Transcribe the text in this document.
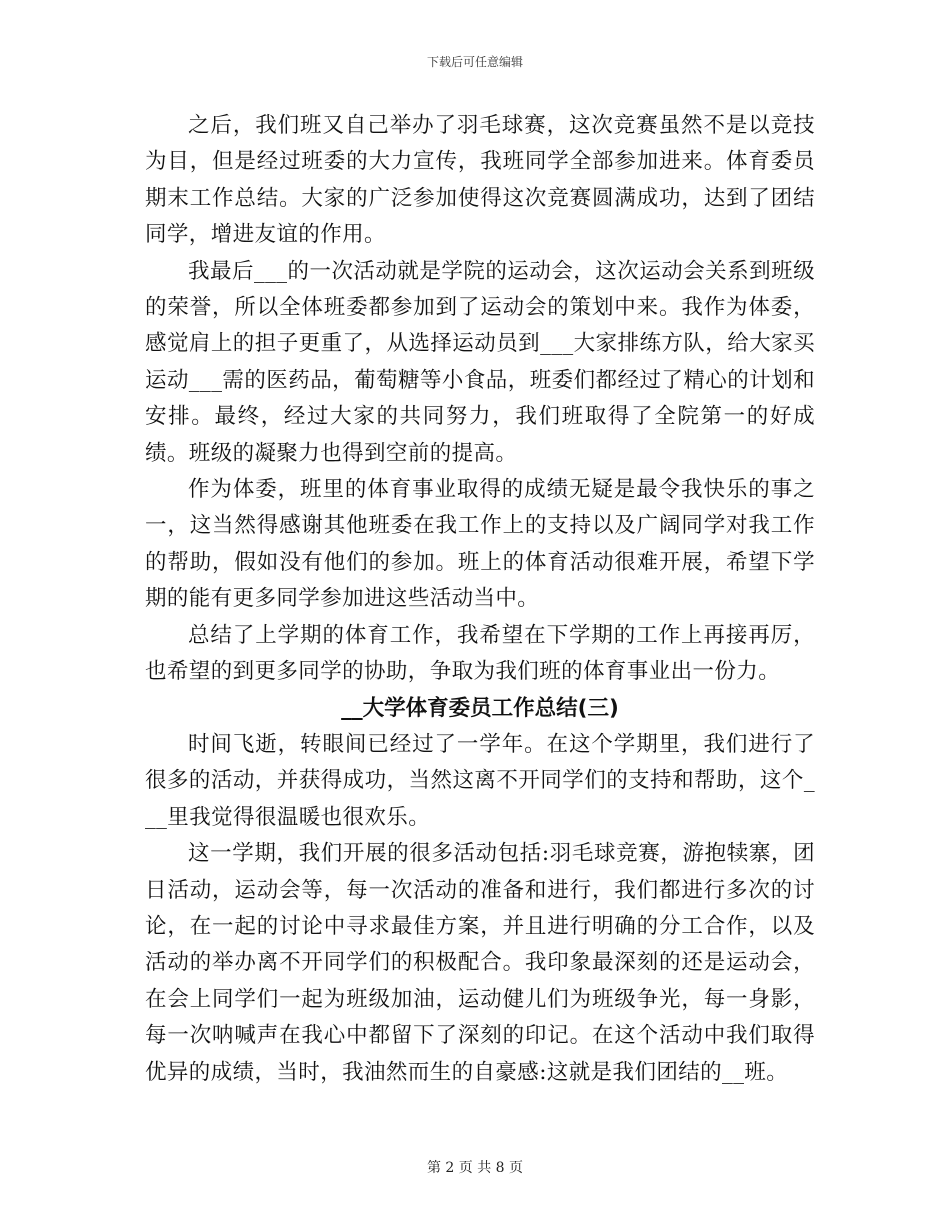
下载后可任意编辑

之后，我们班又自己举办了羽毛球赛，这次竞赛虽然不是以竞技为目，但是经过班委的大力宣传，我班同学全部参加进来。体育委员期末工作总结。大家的广泛参加使得这次竞赛圆满成功，达到了团结同学，增进友谊的作用。

我最后___的一次活动就是学院的运动会，这次运动会关系到班级的荣誉，所以全体班委都参加到了运动会的策划中来。我作为体委，感觉肩上的担子更重了，从选择运动员到___大家排练方队，给大家买运动___需的医药品，葡萄糖等小食品，班委们都经过了精心的计划和安排。最终，经过大家的共同努力，我们班取得了全院第一的好成绩。班级的凝聚力也得到空前的提高。

作为体委，班里的体育事业取得的成绩无疑是最令我快乐的事之一，这当然得感谢其他班委在我工作上的支持以及广阔同学对我工作的帮助，假如没有他们的参加。班上的体育活动很难开展，希望下学期的能有更多同学参加进这些活动当中。

总结了上学期的体育工作，我希望在下学期的工作上再接再厉，也希望的到更多同学的协助，争取为我们班的体育事业出一份力。

__大学体育委员工作总结(三)

时间飞逝，转眼间已经过了一学年。在这个学期里，我们进行了很多的活动，并获得成功，当然这离不开同学们的支持和帮助，这个___里我觉得很温暖也很欢乐。

这一学期，我们开展的很多活动包括:羽毛球竞赛，游抱犊寨，团日活动，运动会等，每一次活动的准备和进行，我们都进行多次的讨论，在一起的讨论中寻求最佳方案，并且进行明确的分工合作，以及活动的举办离不开同学们的积极配合。我印象最深刻的还是运动会，在会上同学们一起为班级加油，运动健儿们为班级争光，每一身影，每一次呐喊声在我心中都留下了深刻的印记。在这个活动中我们取得优异的成绩，当时，我油然而生的自豪感:这就是我们团结的__班。

第 2 页 共 8 页
